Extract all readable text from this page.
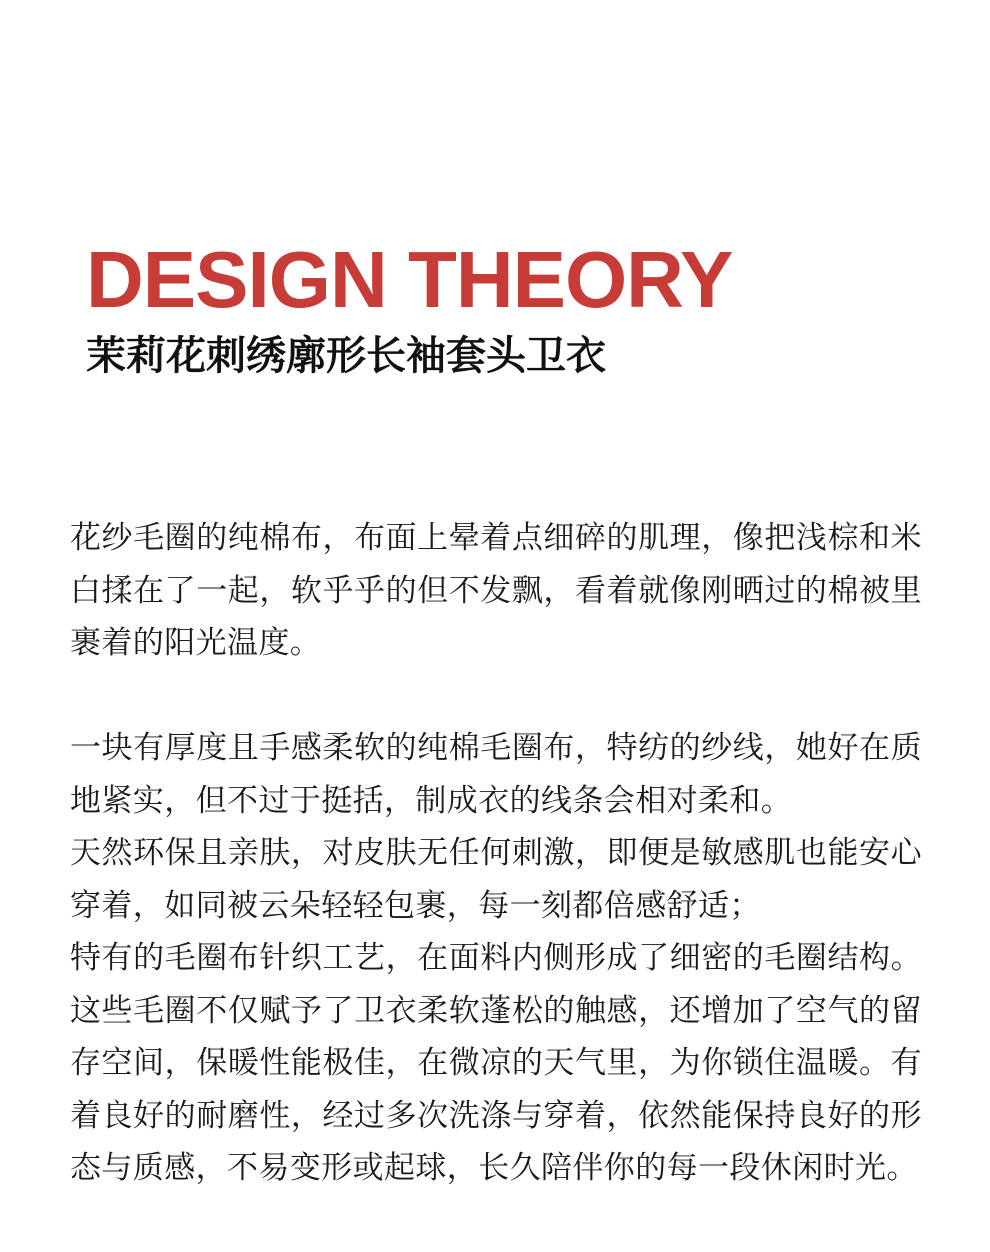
DESIGN THEORY
茉莉花刺绣廓形长袖套头卫衣

花纱毛圈的纯棉布，布面上晕着点细碎的肌理，像把浅棕和米白揉在了一起，软乎乎的但不发飘，看着就像刚晒过的棉被里裹着的阳光温度。

一块有厚度且手感柔软的纯棉毛圈布，特纺的纱线，她好在质地紧实，但不过于挺括，制成衣的线条会相对柔和。

天然环保且亲肤，对皮肤无任何刺激，即便是敏感肌也能安心穿着，如同被云朵轻轻包裹，每一刻都倍感舒适；

特有的毛圈布针织工艺，在面料内侧形成了细密的毛圈结构。这些毛圈不仅赋予了卫衣柔软蓬松的触感，还增加了空气的留存空间，保暖性能极佳，在微凉的天气里，为你锁住温暖。有着良好的耐磨性，经过多次洗涤与穿着，依然能保持良好的形态与质感，不易变形或起球，长久陪伴你的每一段休闲时光。
